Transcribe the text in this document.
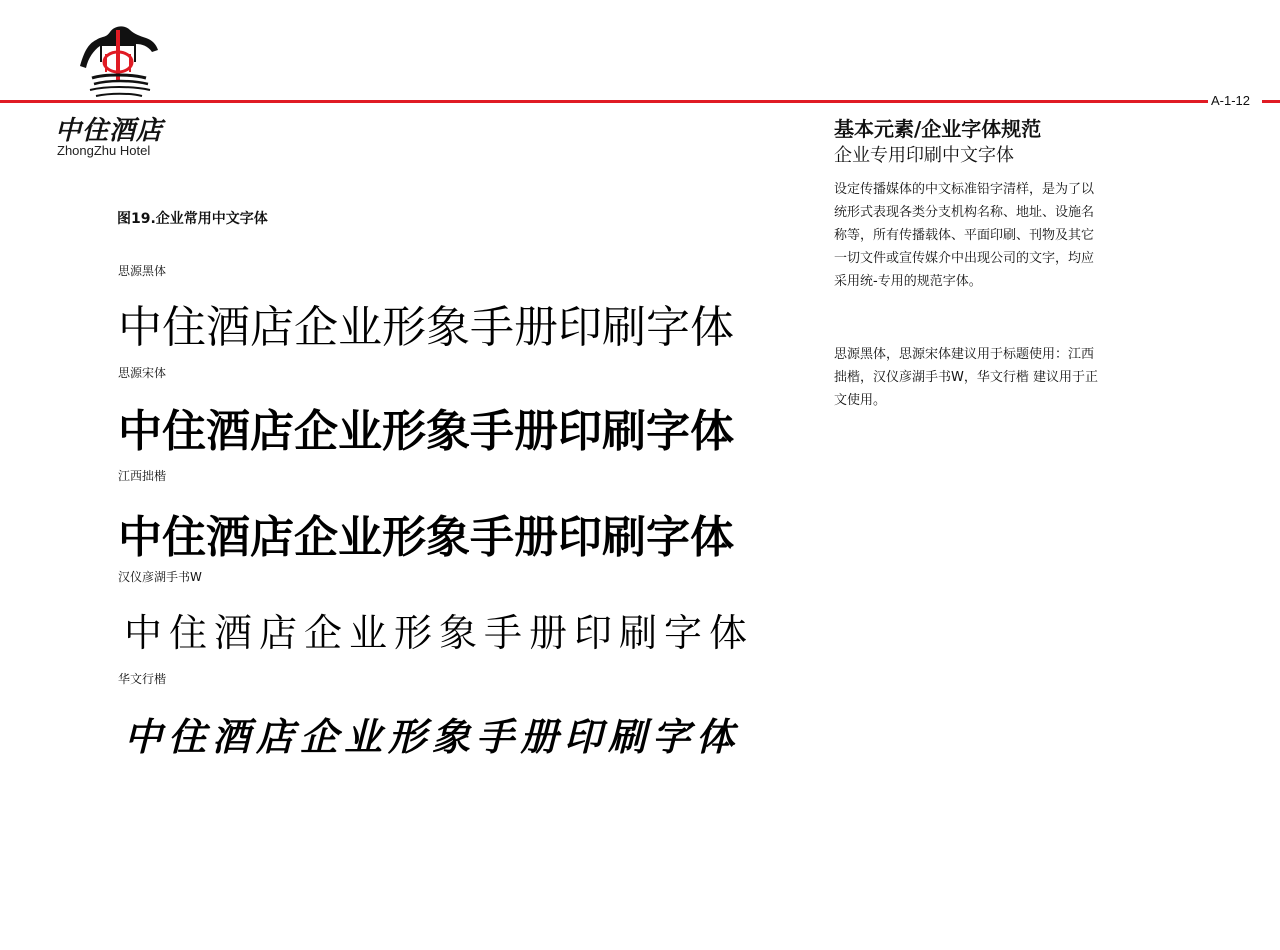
中住酒店
ZhongZhu Hotel
A-1-12
图19.企业常用中文字体
思源黑体
中住酒店企业形象手册印刷字体
思源宋体
中住酒店企业形象手册印刷字体
江西拙楷
中住酒店企业形象手册印刷字体
汉仪彦湖手书W
中住酒店企业形象手册印刷字体
华文行楷
中住酒店企业形象手册印刷字体
基本元素/企业字体规范
企业专用印刷中文字体

设定传播媒体的中文标准铅字清样，是为了以统形式表现各类分支机构名称、地址、设施名称等，所有传播载体、平面印刷、刊物及其它一切文件或宣传媒介中出现公司的文字，均应采用统-专用的规范字体。

思源黑体，思源宋体建议用于标题使用：江西拙楷，汉仪彦湖手书W，华文行楷 建议用于正文使用。
